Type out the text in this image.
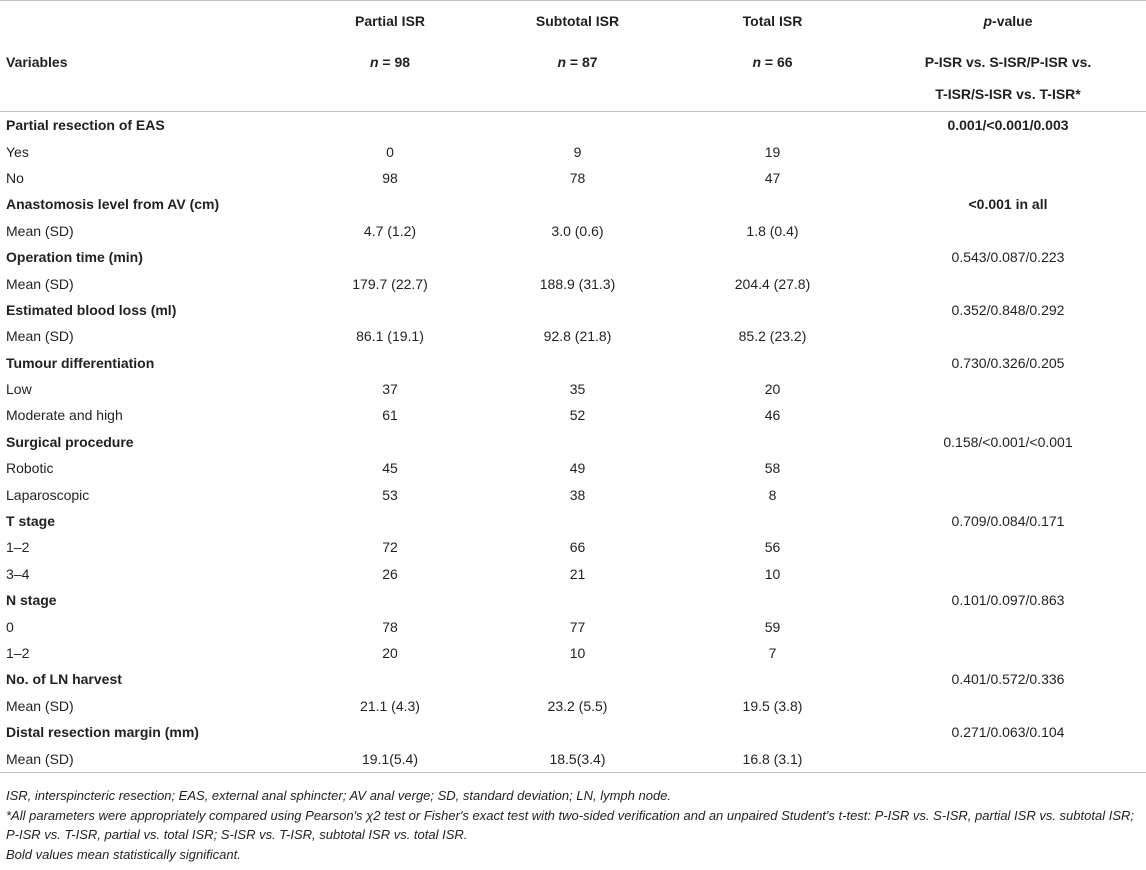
	Partial ISR	Subtotal ISR	Total ISR	p-value
Variables	n = 98	n = 87	n = 66	P-ISR vs. S-ISR/P-ISR vs.
				T-ISR/S-ISR vs. T-ISR*
Partial resection of EAS				0.001/<0.001/0.003
Yes	0	9	19	
No	98	78	47	
Anastomosis level from AV (cm)				<0.001 in all
Mean (SD)	4.7 (1.2)	3.0 (0.6)	1.8 (0.4)	
Operation time (min)				0.543/0.087/0.223
Mean (SD)	179.7 (22.7)	188.9 (31.3)	204.4 (27.8)	
Estimated blood loss (ml)				0.352/0.848/0.292
Mean (SD)	86.1 (19.1)	92.8 (21.8)	85.2 (23.2)	
Tumour differentiation				0.730/0.326/0.205
Low	37	35	20	
Moderate and high	61	52	46	
Surgical procedure				0.158/<0.001/<0.001
Robotic	45	49	58	
Laparoscopic	53	38	8	
T stage				0.709/0.084/0.171
1–2	72	66	56	
3–4	26	21	10	
N stage				0.101/0.097/0.863
0	78	77	59	
1–2	20	10	7	
No. of LN harvest				0.401/0.572/0.336
Mean (SD)	21.1 (4.3)	23.2 (5.5)	19.5 (3.8)	
Distal resection margin (mm)				0.271/0.063/0.104
Mean (SD)	19.1(5.4)	18.5(3.4)	16.8 (3.1)	

ISR, interspincteric resection; EAS, external anal sphincter; AV anal verge; SD, standard deviation; LN, lymph node.

*All parameters were appropriately compared using Pearson's χ2 test or Fisher's exact test with two-sided verification and an unpaired Student's t-test: P-ISR vs. S-ISR, partial ISR vs. subtotal ISR; P-ISR vs. T-ISR, partial vs. total ISR; S-ISR vs. T-ISR, subtotal ISR vs. total ISR.

Bold values mean statistically significant.
